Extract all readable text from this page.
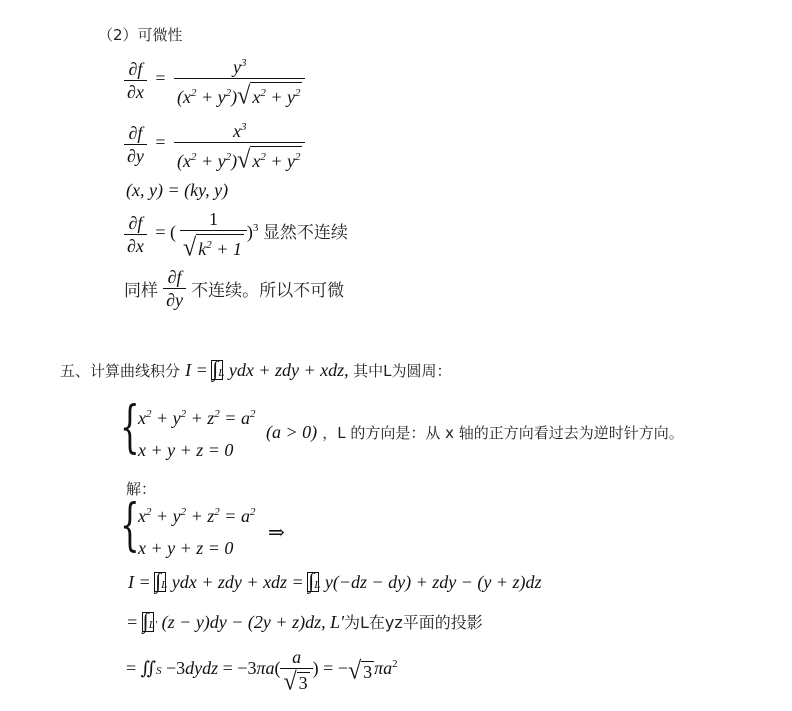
（2）可微性
$\frac{\partial f}{\partial x} = \frac{y^3}{(x^2 + y^2) √ x^2 + y^2}$
$\frac{\partial f}{\partial y} = \frac{x^3}{(x^2 + y^2) √ x^2 + y^2}$
(x, y) = (ky, y)
$\frac{\partial f}{\partial x}$ = ( $\frac{1}{√ k^2 + 1} )^3$ 显然不连续
同样 $\frac{\partial f}{\partial y}$ 不连续。所以不可微
五、计算曲线积分 I =
∫L ydx + zdy + xdz, 其中L为圆周：
{
$x^2 + y^2 + z^2 = a^2$
x + y + z = 0
(a > 0) ，L 的方向是：从 x 轴的正方向看过去为逆时针方向。
解：
{
$x^2 + y^2 + z^2 = a^2$
x + y + z = 0
⇒
I =
∫L ydx + zdy + xdz =
∫L y(−dz − dy) + zdy − (y + z)dz
=
∫L' (z − y)dy − (2y + z)dz, L'为L在yz平面的投影
= ∬S −3dydz = $-3\pi a( \frac{a}{√ 3}$ ) = − √ 3 $\pi a^2$
